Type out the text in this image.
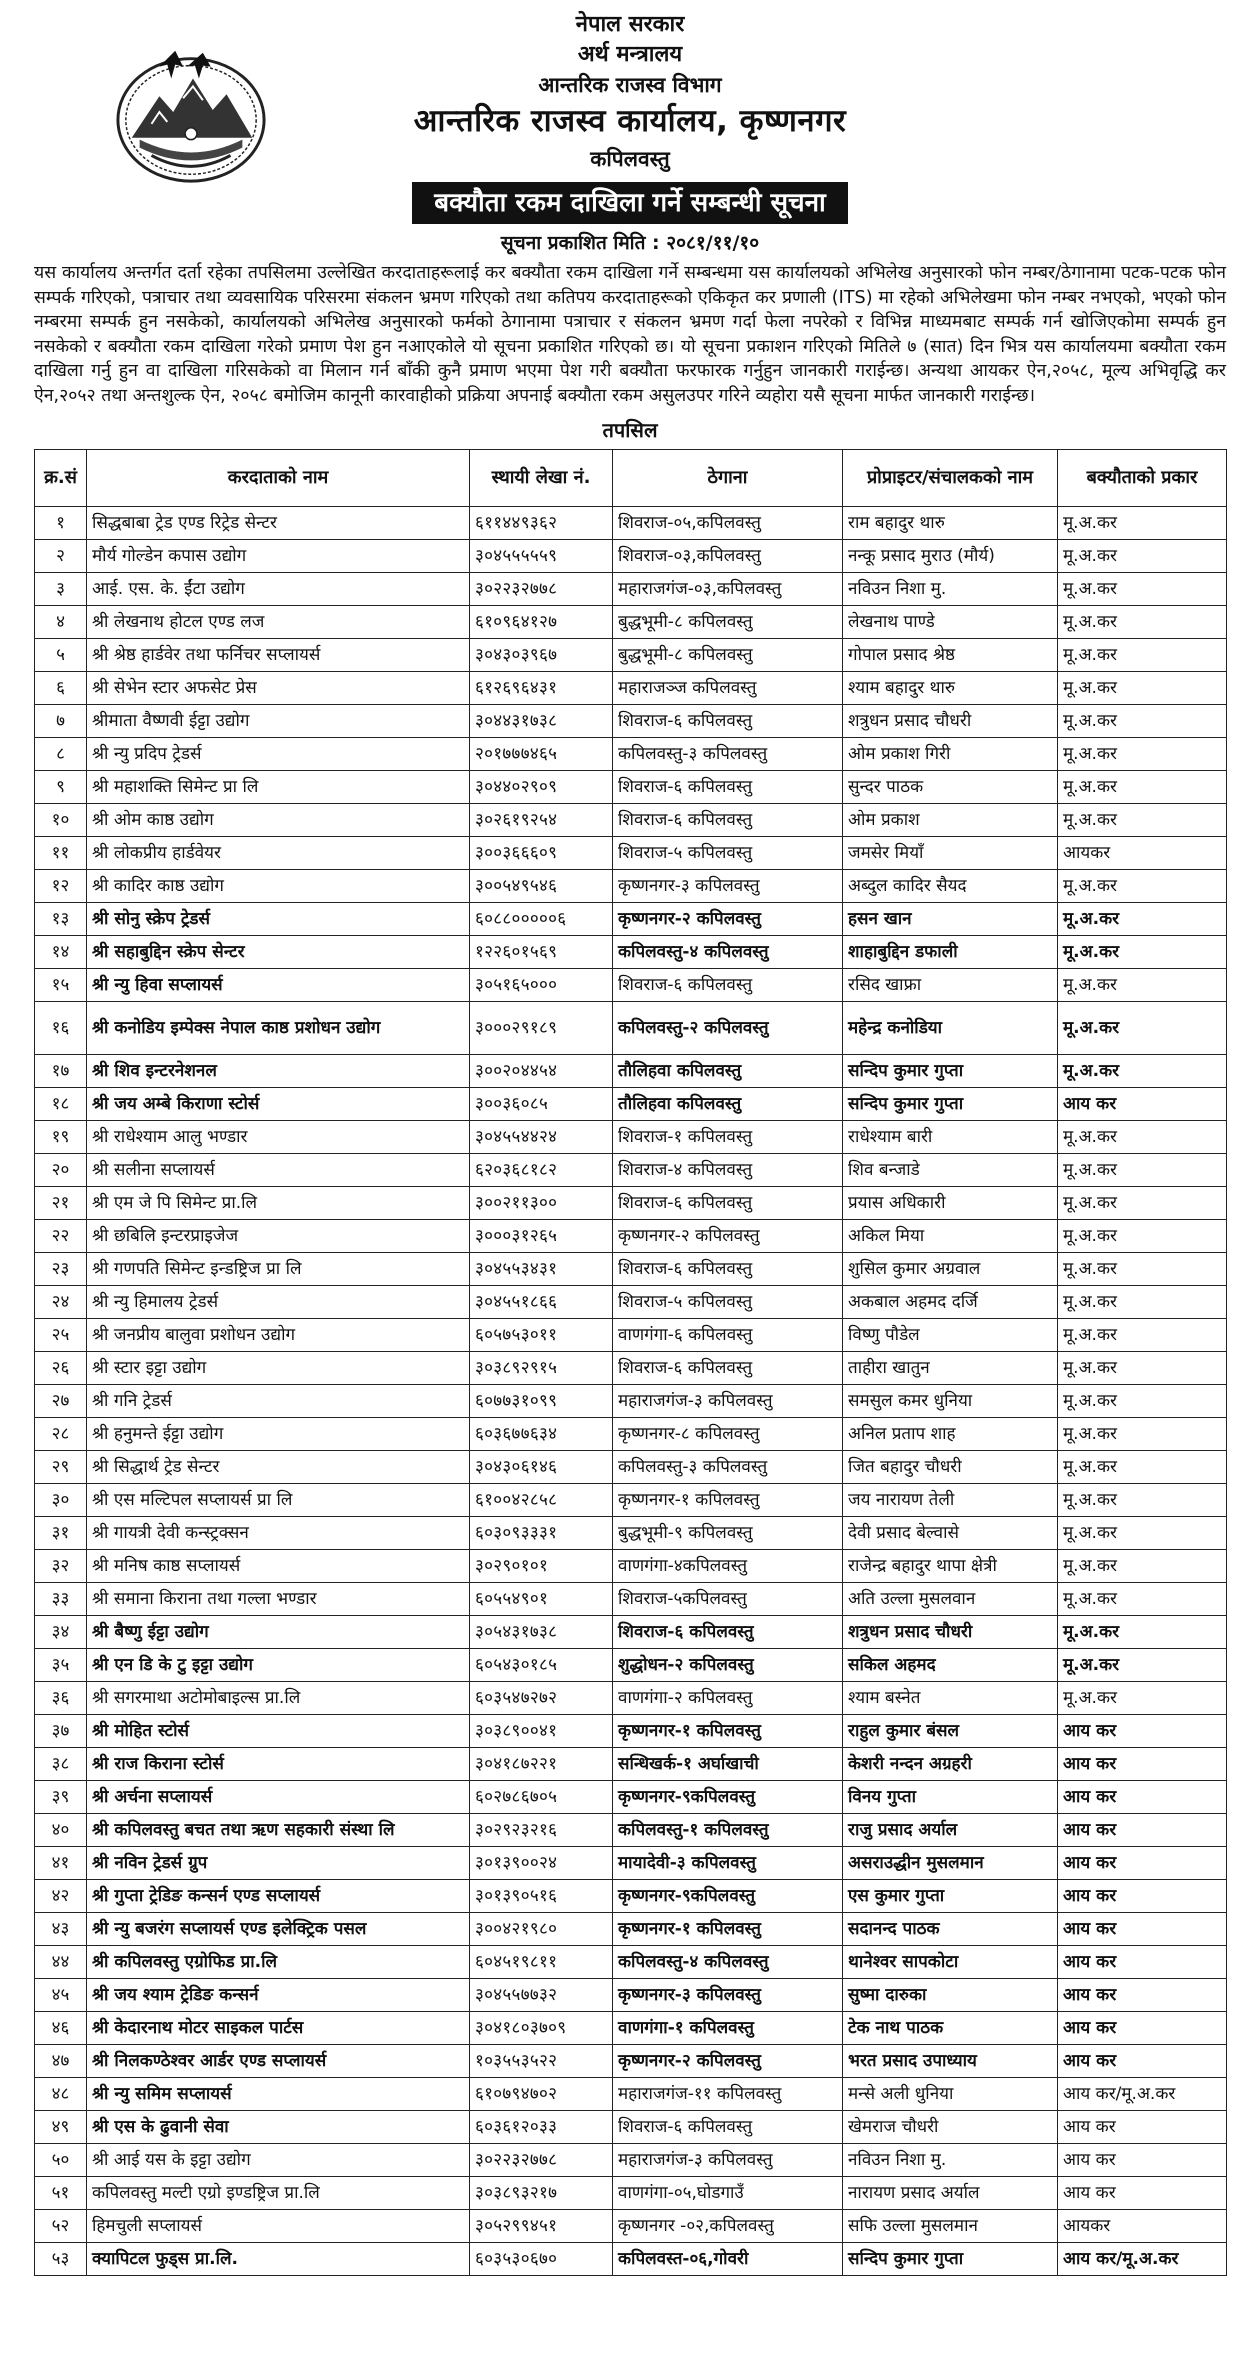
नेपाल सरकार
अर्थ मन्त्रालय
आन्तरिक राजस्व विभाग
आन्तरिक राजस्व कार्यालय, कृष्णनगर
कपिलवस्तु
बक्यौता रकम दाखिला गर्ने सम्बन्धी सूचना
सूचना प्रकाशित मिति : २०८१/११/१०
यस कार्यालय अन्तर्गत दर्ता रहेका तपसिलमा उल्लेखित करदाताहरूलाई कर बक्यौता रकम दाखिला गर्ने सम्बन्धमा यस कार्यालयको अभिलेख अनुसारको फोन नम्बर/ठेगानामा पटक-पटक फोन सम्पर्क गरिएको, पत्राचार तथा व्यवसायिक परिसरमा संकलन भ्रमण गरिएको तथा कतिपय करदाताहरूको एकिकृत कर प्रणाली (ITS) मा रहेको अभिलेखमा फोन नम्बर नभएको, भएको फोन नम्बरमा सम्पर्क हुन नसकेको, कार्यालयको अभिलेख अनुसारको फर्मको ठेगानामा पत्राचार र संकलन भ्रमण गर्दा फेला नपरेको र विभिन्न माध्यमबाट सम्पर्क गर्न खोजिएकोमा सम्पर्क हुन नसकेको र बक्यौता रकम दाखिला गरेको प्रमाण पेश हुन नआएकोले यो सूचना प्रकाशित गरिएको छ। यो सूचना प्रकाशन गरिएको मितिले ७ (सात) दिन भित्र यस कार्यालयमा बक्यौता रकम दाखिला गर्नु हुन वा दाखिला गरिसकेको वा मिलान गर्न बाँकी कुनै प्रमाण भएमा पेश गरी बक्यौता फरफारक गर्नुहुन जानकारी गराईन्छ। अन्यथा आयकर ऐन,२०५८, मूल्य अभिवृद्धि कर ऐन,२०५२ तथा अन्तशुल्क ऐन, २०५८ बमोजिम कानूनी कारवाहीको प्रक्रिया अपनाई बक्यौता रकम असुलउपर गरिने व्यहोरा यसै सूचना मार्फत जानकारी गराईन्छ।
तपसिल
क्र.सं	करदाताको नाम	स्थायी लेखा नं.	ठेगाना	प्रोप्राइटर/संचालकको नाम	बक्यौताको प्रकार
१	सिद्धबाबा ट्रेड एण्ड रिट्रेड सेन्टर	६११४४९३६२	शिवराज-०५,कपिलवस्तु	राम बहादुर थारु	मू.अ.कर
२	मौर्य गोल्डेन कपास उद्योग	३०४५५५५५९	शिवराज-०३,कपिलवस्तु	नन्कू प्रसाद मुराउ (मौर्य)	मू.अ.कर
३	आई. एस. के. ईंटा उद्योग	३०२२३२७७८	महाराजगंज-०३,कपिलवस्तु	नविउन निशा मु.	मू.अ.कर
४	श्री लेखनाथ होटल एण्ड लज	६१०९६४१२७	बुद्धभूमी-८ कपिलवस्तु	लेखनाथ पाण्डे	मू.अ.कर
५	श्री श्रेष्ठ हार्डवेर तथा फर्निचर सप्लायर्स	३०४३०३९६७	बुद्धभूमी-८ कपिलवस्तु	गोपाल प्रसाद श्रेष्ठ	मू.अ.कर
६	श्री सेभेन स्टार अफसेट प्रेस	६१२६९६४३१	महाराजञ्ज कपिलवस्तु	श्याम बहादुर थारु	मू.अ.कर
७	श्रीमाता वैष्णवी ईट्टा उद्योग	३०४४३१७३८	शिवराज-६ कपिलवस्तु	शत्रुधन प्रसाद चौधरी	मू.अ.कर
८	श्री न्यु प्रदिप ट्रेडर्स	२०१७७७४६५	कपिलवस्तु-३ कपिलवस्तु	ओम प्रकाश गिरी	मू.अ.कर
९	श्री महाशक्ति सिमेन्ट प्रा लि	३०४४०२९०९	शिवराज-६ कपिलवस्तु	सुन्दर पाठक	मू.अ.कर
१०	श्री ओम काष्ठ उद्योग	३०२६१९२५४	शिवराज-६ कपिलवस्तु	ओम प्रकाश	मू.अ.कर
११	श्री लोकप्रीय हार्डवेयर	३००३६६६०९	शिवराज-५ कपिलवस्तु	जमसेर मियाँ	आयकर
१२	श्री कादिर काष्ठ उद्योग	३००५४९५४६	कृष्णनगर-३ कपिलवस्तु	अब्दुल कादिर सैयद	मू.अ.कर
१३	श्री सोनु स्क्रेप ट्रेडर्स	६०८८०००००६	कृष्णनगर-२ कपिलवस्तु	हसन खान	मू.अ.कर
१४	श्री सहाबुद्दिन स्क्रेप सेन्टर	१२२६०१५६९	कपिलवस्तु-४ कपिलवस्तु	शाहाबुद्दिन डफाली	मू.अ.कर
१५	श्री न्यु हिवा सप्लायर्स	३०५१६५०००	शिवराज-६ कपिलवस्तु	रसिद खाफ्रा	मू.अ.कर
१६	श्री कनोडिय इम्पेक्स नेपाल काष्ठ प्रशोधन उद्योग	३०००२९१८९	कपिलवस्तु-२ कपिलवस्तु	महेन्द्र कनोडिया	मू.अ.कर
१७	श्री शिव इन्टरनेशनल	३००२०४४५४	तौलिहवा कपिलवस्तु	सन्दिप कुमार गुप्ता	मू.अ.कर
१८	श्री जय अम्बे किराणा स्टोर्स	३००३६०८५	तौलिहवा कपिलवस्तु	सन्दिप कुमार गुप्ता	आय कर
१९	श्री राधेश्याम आलु भण्डार	३०४५५४४२४	शिवराज-१ कपिलवस्तु	राधेश्याम बारी	मू.अ.कर
२०	श्री सलीना सप्लायर्स	६२०३६८१८२	शिवराज-४ कपिलवस्तु	शिव बन्जाडे	मू.अ.कर
२१	श्री एम जे पि सिमेन्ट प्रा.लि	३००२११३००	शिवराज-६ कपिलवस्तु	प्रयास अधिकारी	मू.अ.कर
२२	श्री छबिलि इन्टरप्राइजेज	३०००३१२६५	कृष्णनगर-२ कपिलवस्तु	अकिल मिया	मू.अ.कर
२३	श्री गणपति सिमेन्ट इन्डष्ट्रिज प्रा लि	३०४५५३४३१	शिवराज-६ कपिलवस्तु	शुसिल कुमार अग्रवाल	मू.अ.कर
२४	श्री न्यु हिमालय ट्रेडर्स	३०४५५१८६६	शिवराज-५ कपिलवस्तु	अकबाल अहमद दर्जि	मू.अ.कर
२५	श्री जनप्रीय बालुवा प्रशोधन उद्योग	६०५७५३०११	वाणगंगा-६ कपिलवस्तु	विष्णु पौडेल	मू.अ.कर
२६	श्री स्टार इट्टा उद्योग	३०३८९२९१५	शिवराज-६ कपिलवस्तु	ताहीरा खातुन	मू.अ.कर
२७	श्री गनि ट्रेडर्स	६०७७३१०९९	महाराजगंज-३ कपिलवस्तु	समसुल कमर धुनिया	मू.अ.कर
२८	श्री हनुमन्ते ईट्टा उद्योग	६०३६७७६३४	कृष्णनगर-८ कपिलवस्तु	अनिल प्रताप शाह	मू.अ.कर
२९	श्री सिद्धार्थ ट्रेड सेन्टर	३०४३०६१४६	कपिलवस्तु-३ कपिलवस्तु	जित बहादुर चौधरी	मू.अ.कर
३०	श्री एस मल्टिपल सप्लायर्स प्रा लि	६१००४२८५८	कृष्णनगर-१ कपिलवस्तु	जय नारायण तेली	मू.अ.कर
३१	श्री गायत्री देवी कन्स्ट्रक्सन	६०३०९३३३१	बुद्धभूमी-९ कपिलवस्तु	देवी प्रसाद बेल्वासे	मू.अ.कर
३२	श्री मनिष काष्ठ सप्लायर्स	३०२९०१०१	वाणगंगा-४कपिलवस्तु	राजेन्द्र बहादुर थापा क्षेत्री	मू.अ.कर
३३	श्री समाना किराना तथा गल्ला भण्डार	६०५५४९०१	शिवराज-५कपिलवस्तु	अति उल्ला मुसलवान	मू.अ.कर
३४	श्री बैष्णु ईट्टा उद्योग	३०५४३१७३८	शिवराज-६ कपिलवस्तु	शत्रुधन प्रसाद चौधरी	मू.अ.कर
३५	श्री एन डि के टु इट्टा उद्योग	६०५४३०१८५	शुद्धोधन-२ कपिलवस्तु	सकिल अहमद	मू.अ.कर
३६	श्री सगरमाथा अटोमोबाइल्स प्रा.लि	६०३५४७२७२	वाणगंगा-२ कपिलवस्तु	श्याम बस्नेत	मू.अ.कर
३७	श्री मोहित स्टोर्स	३०३८९००४१	कृष्णनगर-१ कपिलवस्तु	राहुल कुमार बंसल	आय कर
३८	श्री राज किराना स्टोर्स	३०४१८७२२१	सन्धिखर्क-१ अर्घाखाची	केशरी नन्दन अग्रहरी	आय कर
३९	श्री अर्चना सप्लायर्स	६०२७८६७०५	कृष्णनगर-९कपिलवस्तु	विनय गुप्ता	आय कर
४०	श्री कपिलवस्तु बचत तथा ऋण सहकारी संस्था लि	३०२९२३२१६	कपिलवस्तु-१ कपिलवस्तु	राजु प्रसाद अर्याल	आय कर
४१	श्री नविन ट्रेडर्स ग्रुप	३०१३९००२४	मायादेवी-३ कपिलवस्तु	असराउद्धीन मुसलमान	आय कर
४२	श्री गुप्ता ट्रेडिङ कन्सर्न एण्ड सप्लायर्स	३०१३९०५१६	कृष्णनगर-९कपिलवस्तु	एस कुमार गुप्ता	आय कर
४३	श्री न्यु बजरंग सप्लायर्स एण्ड इलेक्ट्रिक पसल	३००४२१९८०	कृष्णनगर-१ कपिलवस्तु	सदानन्द पाठक	आय कर
४४	श्री कपिलवस्तु एग्रोफिड प्रा.लि	६०४५१९८११	कपिलवस्तु-४ कपिलवस्तु	थानेश्वर सापकोटा	आय कर
४५	श्री जय श्याम ट्रेडिङ कन्सर्न	३०४५५७७३२	कृष्णनगर-३ कपिलवस्तु	सुष्मा दारुका	आय कर
४६	श्री केदारनाथ मोटर साइकल पार्टस	३०४१८०३७०९	वाणगंगा-१ कपिलवस्तु	टेक नाथ पाठक	आय कर
४७	श्री निलकण्ठेश्वर आर्डर एण्ड सप्लायर्स	१०३५५३५२२	कृष्णनगर-२ कपिलवस्तु	भरत प्रसाद उपाध्याय	आय कर
४८	श्री न्यु समिम सप्लायर्स	६१०७९४७०२	महाराजगंज-११ कपिलवस्तु	मन्से अली धुनिया	आय कर/मू.अ.कर
४९	श्री एस के ढुवानी सेवा	६०३६१२०३३	शिवराज-६ कपिलवस्तु	खेमराज चौधरी	आय कर
५०	श्री आई यस के इट्टा उद्योग	३०२२३२७७८	महाराजगंज-३ कपिलवस्तु	नविउन निशा मु.	आय कर
५१	कपिलवस्तु मल्टी एग्रो इण्डष्ट्रिज प्रा.लि	३०३८९३२१७	वाणगंगा-०५,घोडगाउँ	नारायण प्रसाद अर्याल	आय कर
५२	हिमचुली सप्लायर्स	३०५२९९४५१	कृष्णनगर -०२,कपिलवस्तु	सफि उल्ला मुसलमान	आयकर
५३	क्यापिटल फुड्स प्रा.लि.	६०३५३०६७०	कपिलवस्त-०६,गोवरी	सन्दिप कुमार गुप्ता	आय कर/मू.अ.कर
